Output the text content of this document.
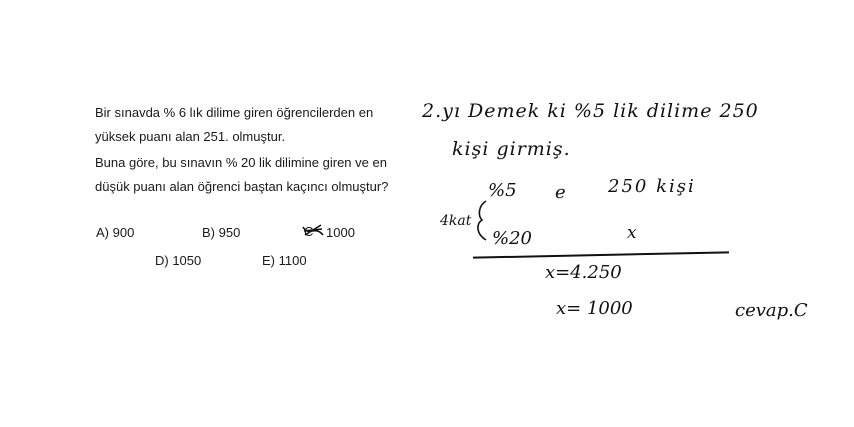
Bir sınavda % 6 lık dilime giren öğrencilerden en yüksek puanı alan 251. olmuştur.

Buna göre, bu sınavın % 20 lik dilimine giren ve en düşük puanı alan öğrenci baştan kaçıncı olmuştur?

A) 900	B) 950	C 1000
D) 1050	E) 1100
2.yı Demek ki %5 lik dilime 250
kişi girmiş.
%5 e 250 kişi
4kat
%20	x
x=4.250
x= 1000	cevap.C
